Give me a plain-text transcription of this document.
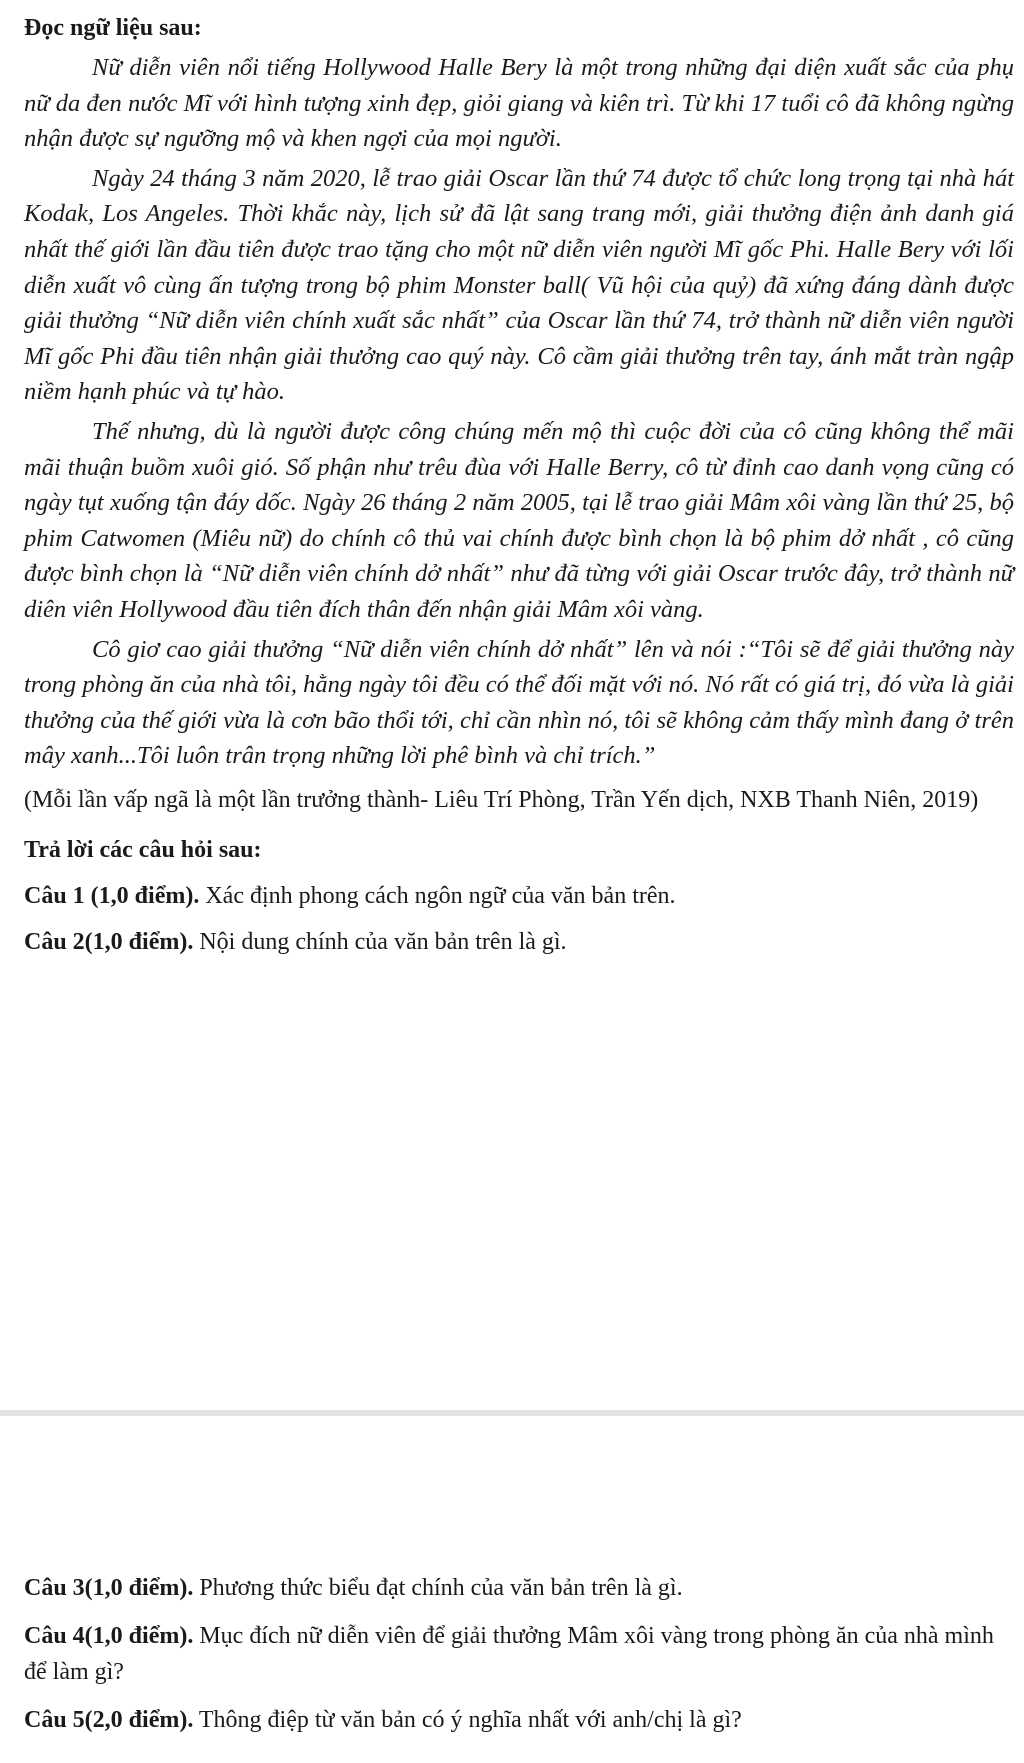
Đọc ngữ liệu sau:

Nữ diễn viên nổi tiếng Hollywood Halle Bery là một trong những đại diện xuất sắc của phụ nữ da đen nước Mĩ với hình tượng xinh đẹp, giỏi giang và kiên trì. Từ khi 17 tuổi cô đã không ngừng nhận được sự ngưỡng mộ và khen ngợi của mọi người.

Ngày 24 tháng 3 năm 2020, lễ trao giải Oscar lần thứ 74 được tổ chức long trọng tại nhà hát Kodak, Los Angeles. Thời khắc này, lịch sử đã lật sang trang mới, giải thưởng điện ảnh danh giá nhất thế giới lần đầu tiên được trao tặng cho một nữ diễn viên người Mĩ gốc Phi. Halle Bery với lối diễn xuất vô cùng ấn tượng trong bộ phim Monster ball( Vũ hội của quỷ) đã xứng đáng dành được giải thưởng “Nữ diễn viên chính xuất sắc nhất” của Oscar lần thứ 74, trở thành nữ diễn viên người Mĩ gốc Phi đầu tiên nhận giải thưởng cao quý này. Cô cầm giải thưởng trên tay, ánh mắt tràn ngập niềm hạnh phúc và tự hào.

Thế nhưng, dù là người được công chúng mến mộ thì cuộc đời của cô cũng không thể mãi mãi thuận buồm xuôi gió. Số phận như trêu đùa với Halle Berry, cô từ đỉnh cao danh vọng cũng có ngày tụt xuống tận đáy dốc. Ngày 26 tháng 2 năm 2005, tại lễ trao giải Mâm xôi vàng lần thứ 25, bộ phim Catwomen (Miêu nữ) do chính cô thủ vai chính được bình chọn là bộ phim dở nhất , cô cũng được bình chọn là “Nữ diễn viên chính dở nhất” như đã từng với giải Oscar trước đây, trở thành nữ diên viên Hollywood đầu tiên đích thân đến nhận giải Mâm xôi vàng.

Cô giơ cao giải thưởng “Nữ diễn viên chính dở nhất” lên và nói :“Tôi sẽ để giải thưởng này trong phòng ăn của nhà tôi, hằng ngày tôi đều có thể đối mặt với nó. Nó rất có giá trị, đó vừa là giải thưởng của thế giới vừa là cơn bão thổi tới, chỉ cần nhìn nó, tôi sẽ không cảm thấy mình đang ở trên mây xanh...Tôi luôn trân trọng những lời phê bình và chỉ trích.”

(Mỗi lần vấp ngã là một lần trưởng thành- Liêu Trí Phòng, Trần Yến dịch, NXB Thanh Niên, 2019)

Trả lời các câu hỏi sau:

Câu 1 (1,0 điểm). Xác định phong cách ngôn ngữ của văn bản trên.

Câu 2(1,0 điểm). Nội dung chính của văn bản trên là gì.

Câu 3(1,0 điểm). Phương thức biểu đạt chính của văn bản trên là gì.

Câu 4(1,0 điểm). Mục đích nữ diễn viên để giải thưởng Mâm xôi vàng trong phòng ăn của nhà mình để làm gì?

Câu 5(2,0 điểm). Thông điệp từ văn bản có ý nghĩa nhất với anh/chị là gì?
